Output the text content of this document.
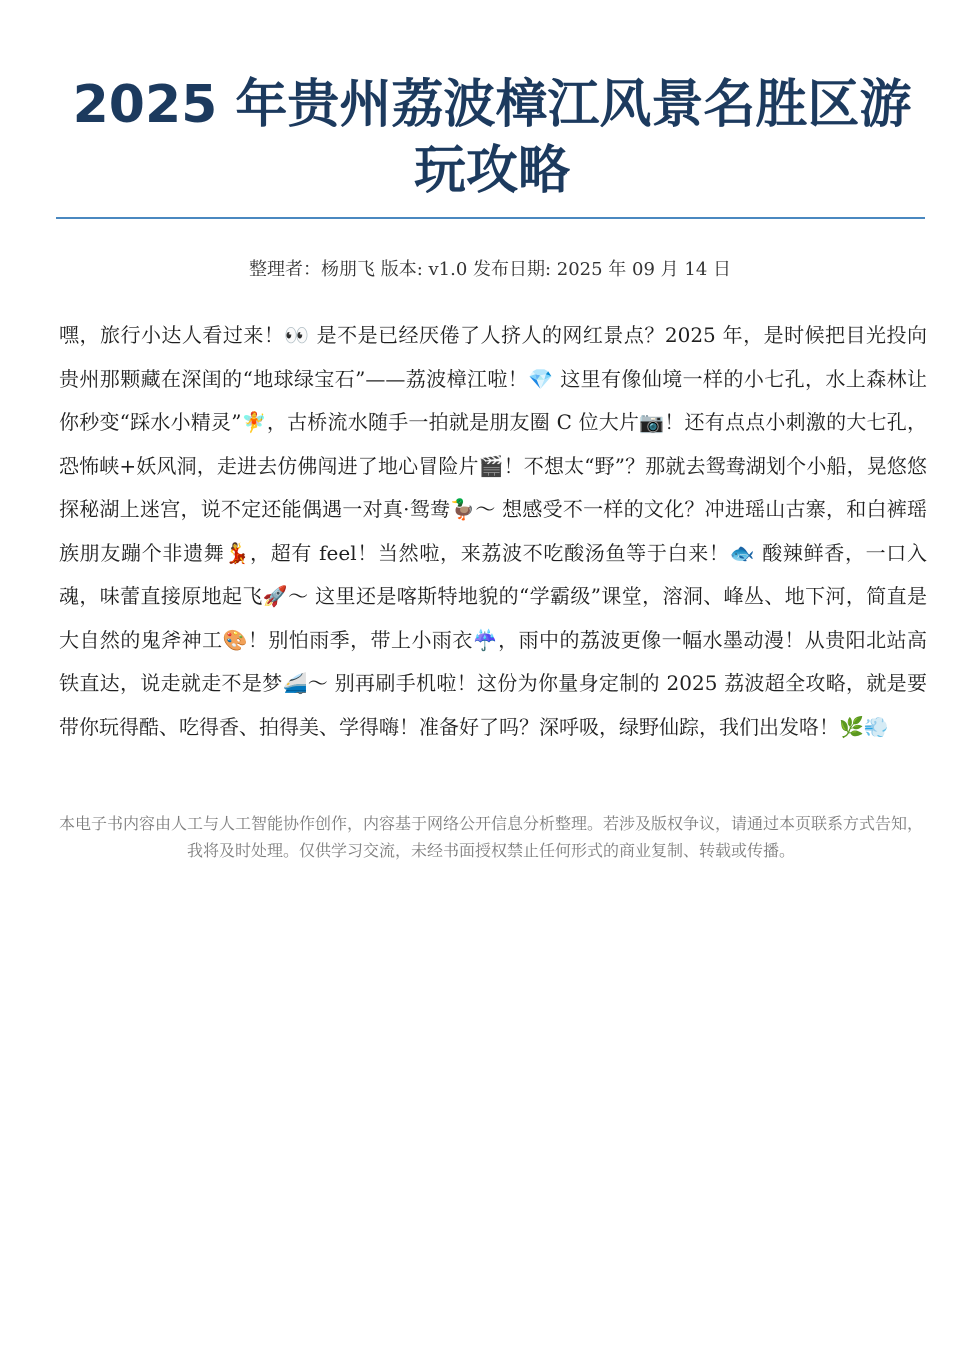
2025 年贵州荔波樟江风景名胜区游玩攻略
整理者：杨朋飞 版本: v1.0 发布日期: 2025 年 09 月 14 日

嘿，旅行小达人看过来！👀 是不是已经厌倦了人挤人的网红景点？2025 年，是时候把目光投向贵州那颗藏在深闺的“地球绿宝石”——荔波樟江啦！💎 这里有像仙境一样的小七孔，水上森林让你秒变“踩水小精灵”🧚，古桥流水随手一拍就是朋友圈 C 位大片📷！还有点点小刺激的大七孔，恐怖峡+妖风洞，走进去仿佛闯进了地心冒险片🎬！不想太“野”？那就去鸳鸯湖划个小船，晃悠悠探秘湖上迷宫，说不定还能偶遇一对真·鸳鸯🦆～ 想感受不一样的文化？冲进瑶山古寨，和白裤瑶族朋友蹦个非遗舞💃，超有 feel！当然啦，来荔波不吃酸汤鱼等于白来！🐟 酸辣鲜香，一口入魂，味蕾直接原地起飞🚀～ 这里还是喀斯特地貌的“学霸级”课堂，溶洞、峰丛、地下河，简直是大自然的鬼斧神工🎨！别怕雨季，带上小雨衣☔，雨中的荔波更像一幅水墨动漫！从贵阳北站高铁直达，说走就走不是梦🚄～ 别再刷手机啦！这份为你量身定制的 2025 荔波超全攻略，就是要带你玩得酷、吃得香、拍得美、学得嗨！准备好了吗？深呼吸，绿野仙踪，我们出发咯！🌿💨

本电子书内容由人工与人工智能协作创作，内容基于网络公开信息分析整理。若涉及版权争议，请通过本页联系方式告知，我将及时处理。仅供学习交流，未经书面授权禁止任何形式的商业复制、转载或传播。
